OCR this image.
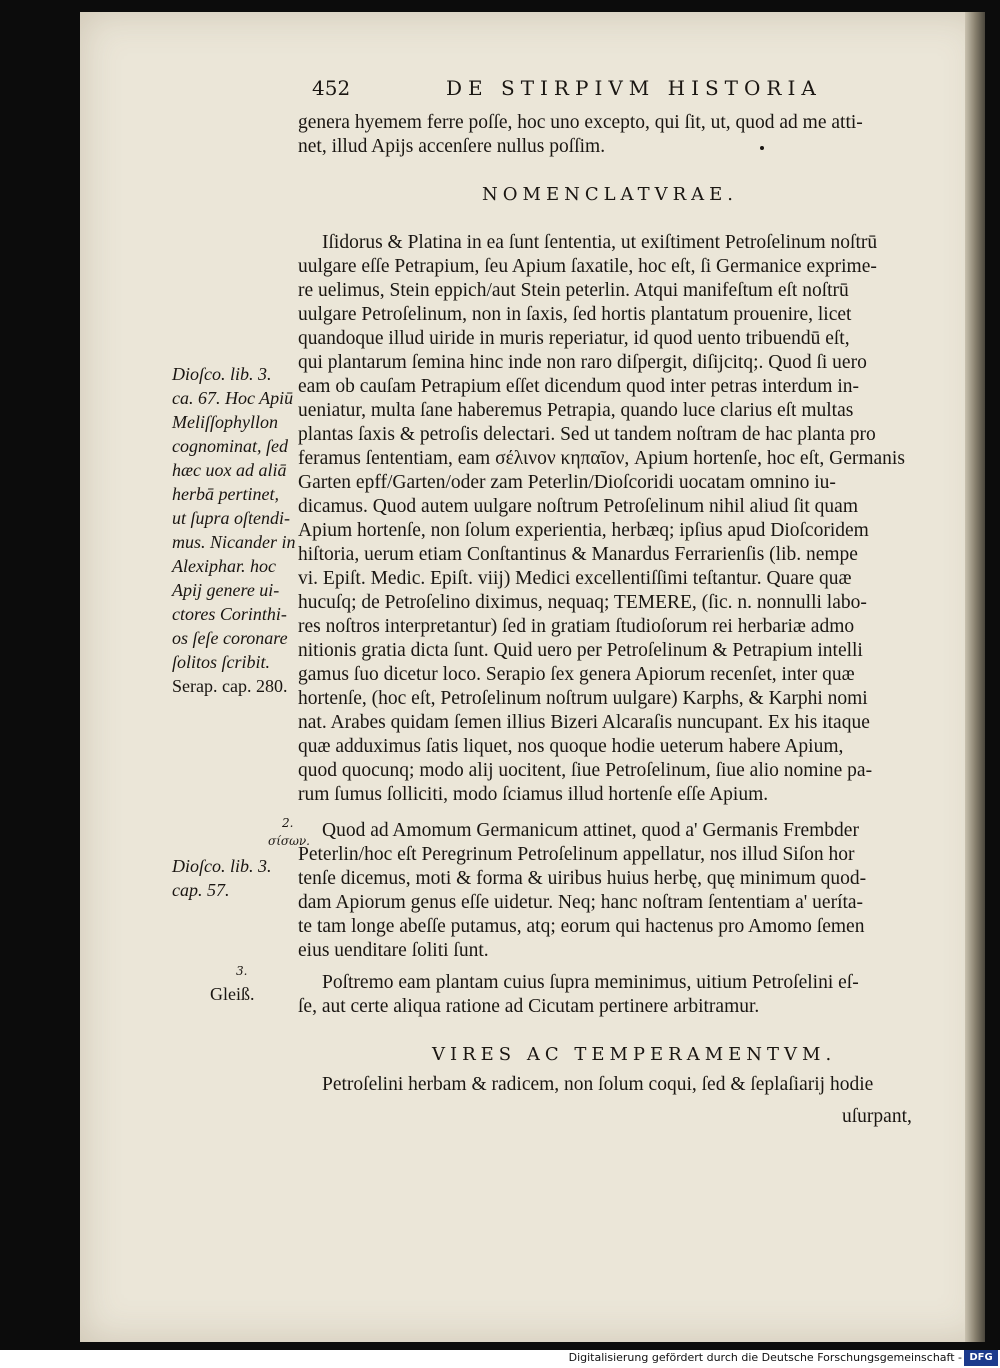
452	DE STIRPIVM HISTORIA
genera hyemem ferre poſſe, hoc uno excepto, qui ſit, ut, quod ad me atti-
net, illud Apijs accenſere nullus poſſim.
NOMENCLATVRAE.
Iſidorus & Platina in ea ſunt ſententia, ut exiſtiment Petroſelinum noſtrū
uulgare eſſe Petrapium, ſeu Apium ſaxatile, hoc eſt, ſi Germanice exprime-
re uelimus, Stein eppich/aut Stein peterlin. Atqui manifeſtum eſt noſtrū
uulgare Petroſelinum, non in ſaxis, ſed hortis plantatum prouenire, licet
quandoque illud uiride in muris reperiatur, id quod uento tribuendū eſt,
qui plantarum ſemina hinc inde non raro diſpergit, diſijcitq;. Quod ſi uero
eam ob cauſam Petrapium eſſet dicendum quod inter petras interdum in-
ueniatur, multa ſane haberemus Petrapia, quando luce clarius eſt multas
plantas ſaxis & petroſis delectari. Sed ut tandem noſtram de hac planta pro
feramus ſententiam, eam σέλινον κηπαῖον, Apium hortenſe, hoc eſt, Germanis
Garten epff/Garten/oder zam Peterlin/Dioſcoridi uocatam omnino iu-
dicamus. Quod autem uulgare noſtrum Petroſelinum nihil aliud ſit quam
Apium hortenſe, non ſolum experientia, herbæq; ipſius apud Dioſcoridem
hiſtoria, uerum etiam Conſtantinus & Manardus Ferrarienſis (lib. nempe
vi. Epiſt. Medic. Epiſt. viij) Medici excellentiſſimi teſtantur. Quare quæ
hucuſq; de Petroſelino diximus, nequaq; TEMERE, (ſic. n. nonnulli labo-
res noſtros interpretantur) ſed in gratiam ſtudioſorum rei herbariæ admo
nitionis gratia dicta ſunt. Quid uero per Petroſelinum & Petrapium intelli
gamus ſuo dicetur loco. Serapio ſex genera Apiorum recenſet, inter quæ
hortenſe, (hoc eſt, Petroſelinum noſtrum uulgare) Karphs, & Karphi nomi
nat. Arabes quidam ſemen illius Bizeri Alcaraſis nuncupant. Ex his itaque
quæ adduximus ſatis liquet, nos quoque hodie ueterum habere Apium,
quod quocunq; modo alij uocitent, ſiue Petroſelinum, ſiue alio nomine pa-
rum ſumus ſolliciti, modo ſciamus illud hortenſe eſſe Apium.
Quod ad Amomum Germanicum attinet, quod a' Germanis Frembder
Peterlin/hoc eſt Peregrinum Petroſelinum appellatur, nos illud Siſon hor
tenſe dicemus, moti & forma & uiribus huius herbę, quę minimum quod-
dam Apiorum genus eſſe uidetur. Neq; hanc noſtram ſententiam a' ueríta-
te tam longe abeſſe putamus, atq; eorum qui hactenus pro Amomo ſemen
eius uenditare ſoliti ſunt.
Poſtremo eam plantam cuius ſupra meminimus, uitium Petroſelini eſ-
ſe, aut certe aliqua ratione ad Cicutam pertinere arbitramur.
Dioſco. lib. 3.
ca. 67. Hoc Apiū
Meliſſophyllon
cognominat, ſed
hæc uox ad aliā
herbā pertinet,
ut ſupra oſtendi-
mus. Nicander in
Alexiphar. hoc
Apij genere ui-
ctores Corinthi-
os ſeſe coronare
ſolitos ſcribit.
Serap. cap. 280.
2.
σίσων.
Dioſco. lib. 3.
cap. 57.
3.
Gleiß.
VIRES AC TEMPERAMENTVM.
Petroſelini herbam & radicem, non ſolum coqui, ſed & ſeplaſiarij hodie
uſurpant,
Digitalisierung gefördert durch die Deutsche Forschungsgemeinschaft - DFG
